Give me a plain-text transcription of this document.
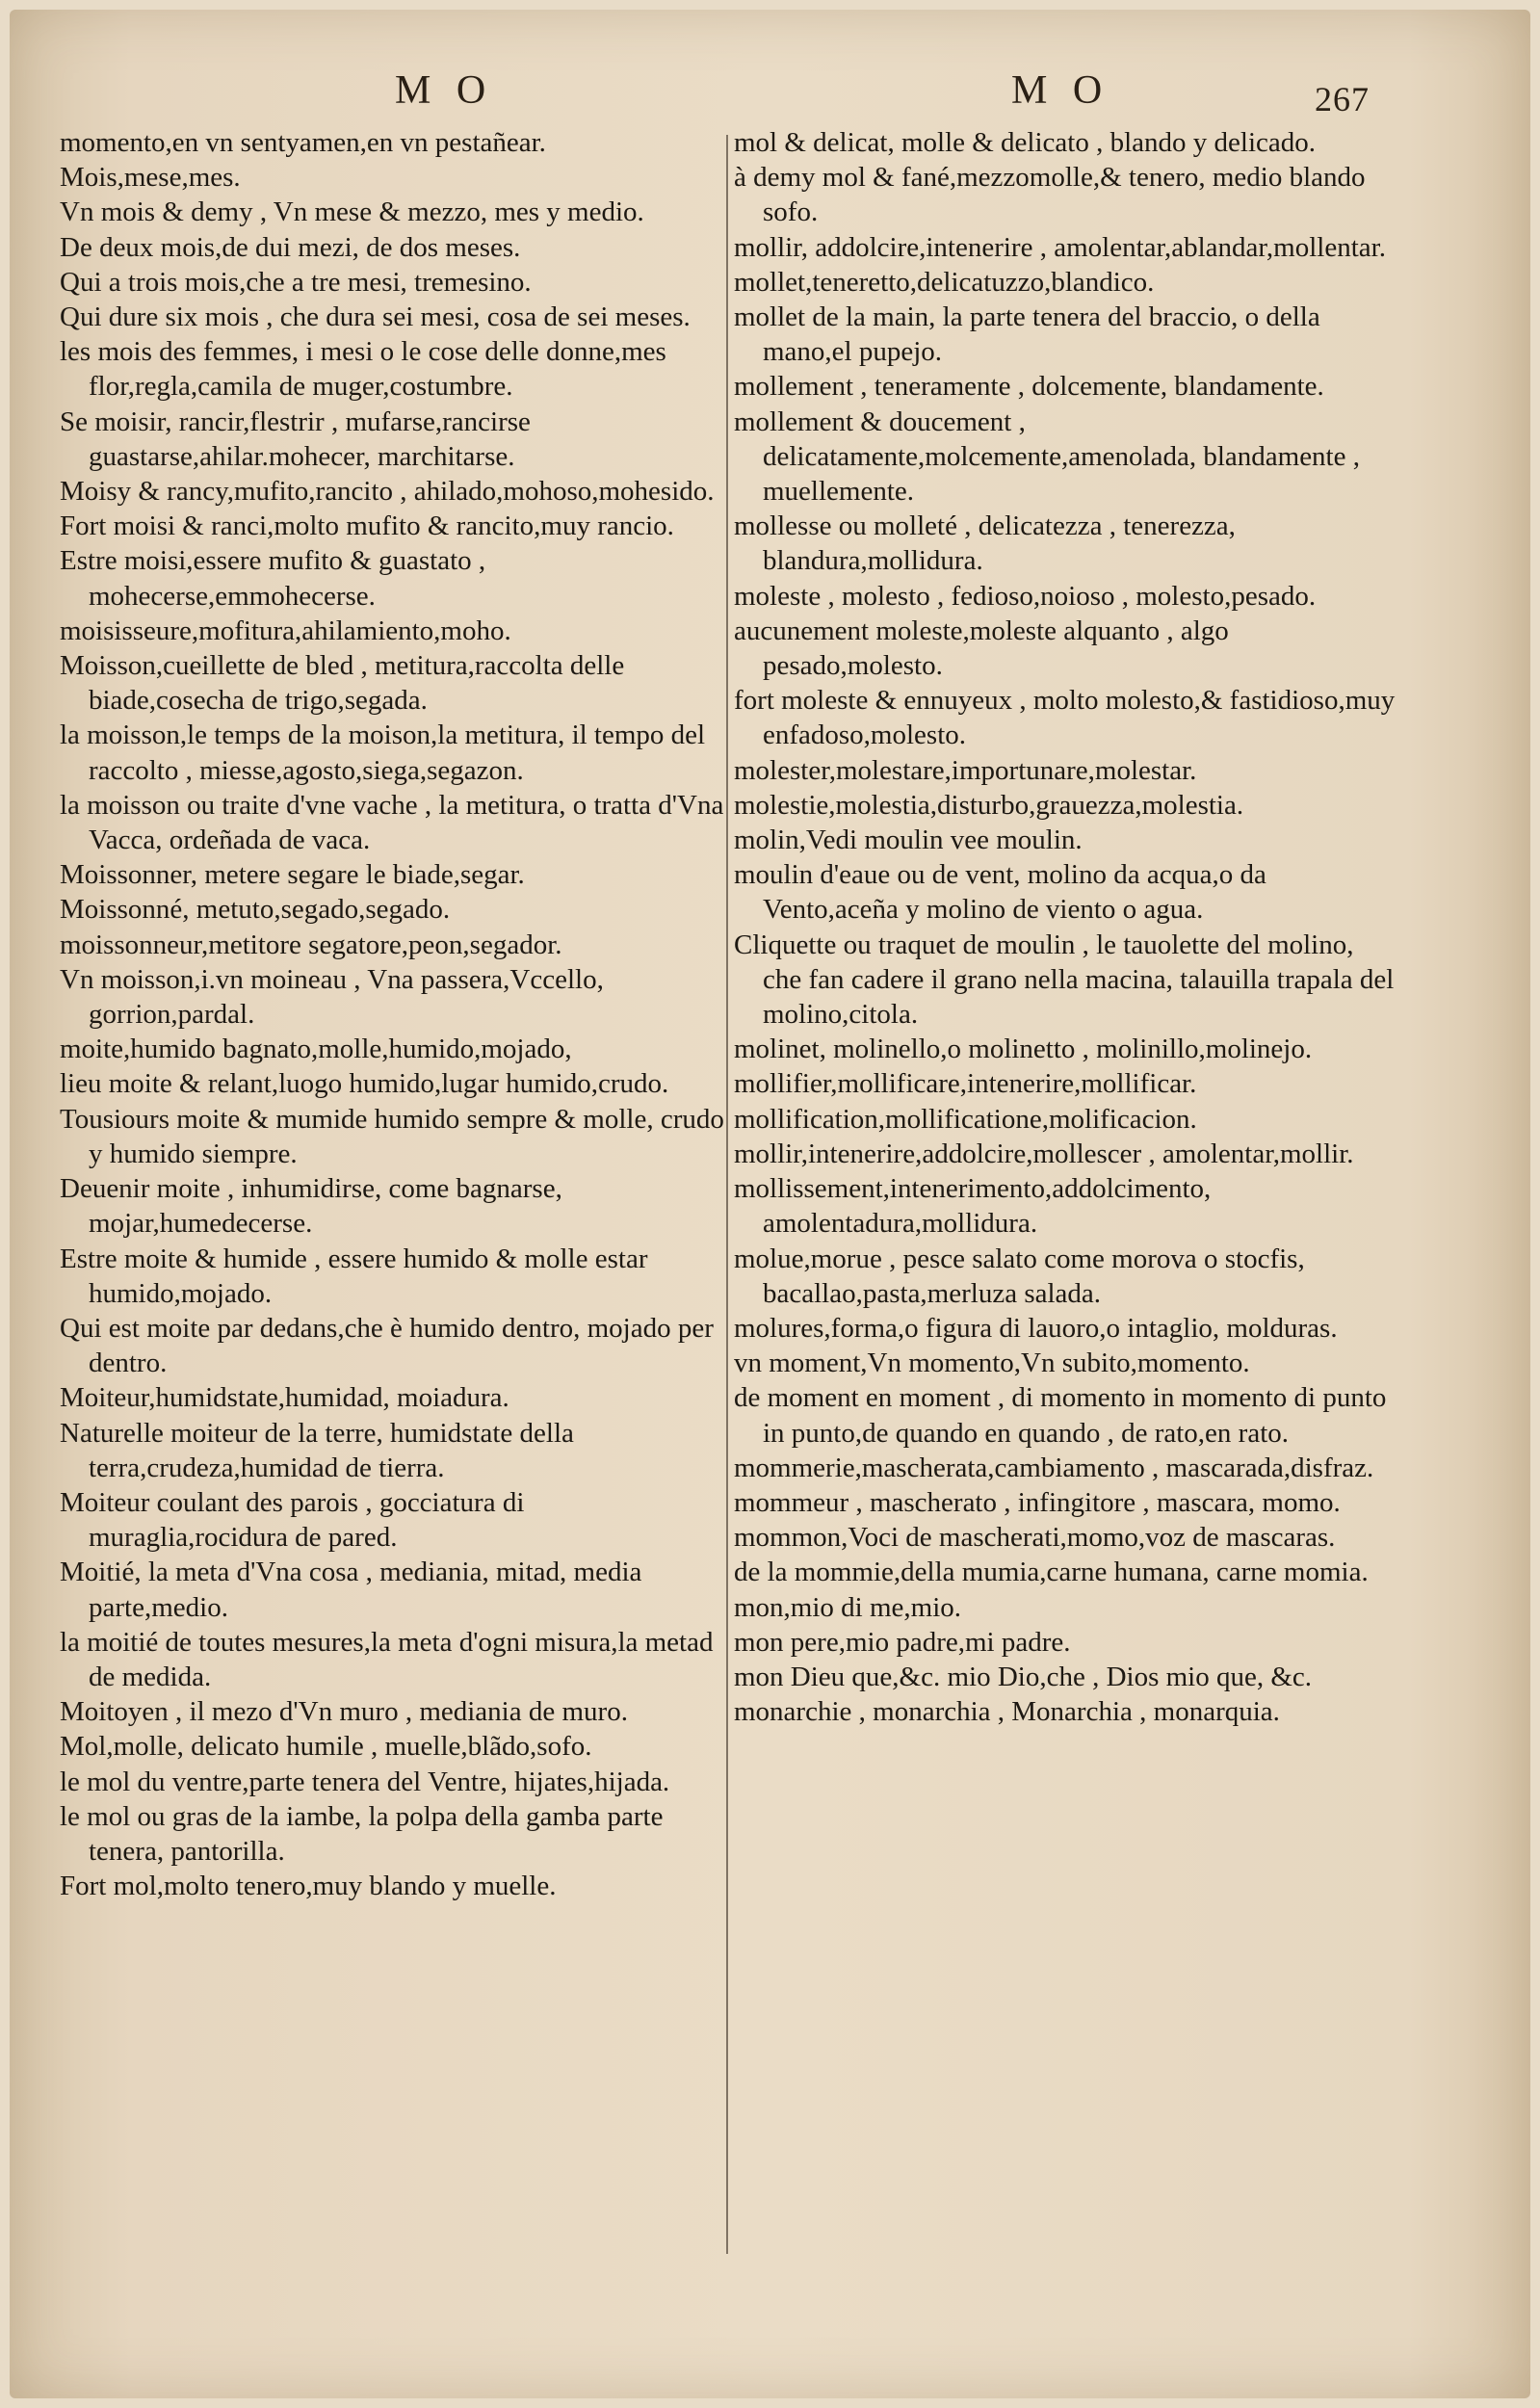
M O	M O	267

momento,en vn sentyamen,en vn pestañear.

Mois,mese,mes.

Vn mois & demy , Vn mese & mezzo, mes y medio.

De deux mois,de dui mezi, de dos meses.

Qui a trois mois,che a tre mesi, tremesino.

Qui dure six mois , che dura sei mesi, cosa de sei meses.

les mois des femmes, i mesi o le cose delle donne,mes flor,regla,camila de muger,costumbre.

Se moisir, rancir,flestrir , mufarse,rancirse guastarse,ahilar.mohecer, marchitarse.

Moisy & rancy,mufito,rancito , ahilado,mohoso,mohesido.

Fort moisi & ranci,molto mufito & rancito,muy rancio.

Estre moisi,essere mufito & guastato , mohecerse,emmohecerse.

moisisseure,mofitura,ahilamiento,moho.

Moisson,cueillette de bled , metitura,raccolta delle biade,cosecha de trigo,segada.

la moisson,le temps de la moison,la metitura, il tempo del raccolto , miesse,agosto,siega,segazon.

la moisson ou traite d'vne vache , la metitura, o tratta d'Vna Vacca, ordeñada de vaca.

Moissonner, metere segare le biade,segar.

Moissonné, metuto,segado,segado.

moissonneur,metitore segatore,peon,segador.

Vn moisson,i.vn moineau , Vna passera,Vccello, gorrion,pardal.

moite,humido bagnato,molle,humido,mojado,

lieu moite & relant,luogo humido,lugar humido,crudo.

Tousiours moite & mumide humido sempre & molle, crudo y humido siempre.

Deuenir moite , inhumidirse, come bagnarse, mojar,humedecerse.

Estre moite & humide , essere humido & molle estar humido,mojado.

Qui est moite par dedans,che è humido dentro, mojado per dentro.

Moiteur,humidstate,humidad, moiadura.

Naturelle moiteur de la terre, humidstate della terra,crudeza,humidad de tierra.

Moiteur coulant des parois , gocciatura di muraglia,rocidura de pared.

Moitié, la meta d'Vna cosa , mediania, mitad, media parte,medio.

la moitié de toutes mesures,la meta d'ogni misura,la metad de medida.

Moitoyen , il mezo d'Vn muro , mediania de muro.

Mol,molle, delicato humile , muelle,blãdo,sofo.

le mol du ventre,parte tenera del Ventre, hijates,hijada.

le mol ou gras de la iambe, la polpa della gamba parte tenera, pantorilla.

Fort mol,molto tenero,muy blando y muelle.

mol & delicat, molle & delicato , blando y delicado.

à demy mol & fané,mezzomolle,& tenero, medio blando sofo.

mollir, addolcire,intenerire , amolentar,ablandar,mollentar.

mollet,teneretto,delicatuzzo,blandico.

mollet de la main, la parte tenera del braccio, o della mano,el pupejo.

mollement , teneramente , dolcemente, blandamente.

mollement & doucement , delicatamente,molcemente,amenolada, blandamente , muellemente.

mollesse ou molleté , delicatezza , tenerezza, blandura,mollidura.

moleste , molesto , fedioso,noioso , molesto,pesado.

aucunement moleste,moleste alquanto , algo pesado,molesto.

fort moleste & ennuyeux , molto molesto,& fastidioso,muy enfadoso,molesto.

molester,molestare,importunare,molestar.

molestie,molestia,disturbo,grauezza,molestia.

molin,Vedi moulin vee moulin.

moulin d'eaue ou de vent, molino da acqua,o da Vento,aceña y molino de viento o agua.

Cliquette ou traquet de moulin , le tauolette del molino, che fan cadere il grano nella macina, talauilla trapala del molino,citola.

molinet, molinello,o molinetto , molinillo,molinejo.

mollifier,mollificare,intenerire,mollificar.

mollification,mollificatione,molificacion.

mollir,intenerire,addolcire,mollescer , amolentar,mollir.

mollissement,intenerimento,addolcimento, amolentadura,mollidura.

molue,morue , pesce salato come morova o stocfis, bacallao,pasta,merluza salada.

molures,forma,o figura di lauoro,o intaglio, molduras.

vn moment,Vn momento,Vn subito,momento.

de moment en moment , di momento in momento di punto in punto,de quando en quando , de rato,en rato.

mommerie,mascherata,cambiamento , mascarada,disfraz.

mommeur , mascherato , infingitore , mascara, momo.

mommon,Voci de mascherati,momo,voz de mascaras.

de la mommie,della mumia,carne humana, carne momia.

mon,mio di me,mio.

mon pere,mio padre,mi padre.

mon Dieu que,&c. mio Dio,che , Dios mio que, &c.

monarchie , monarchia , Monarchia , monarquia.
